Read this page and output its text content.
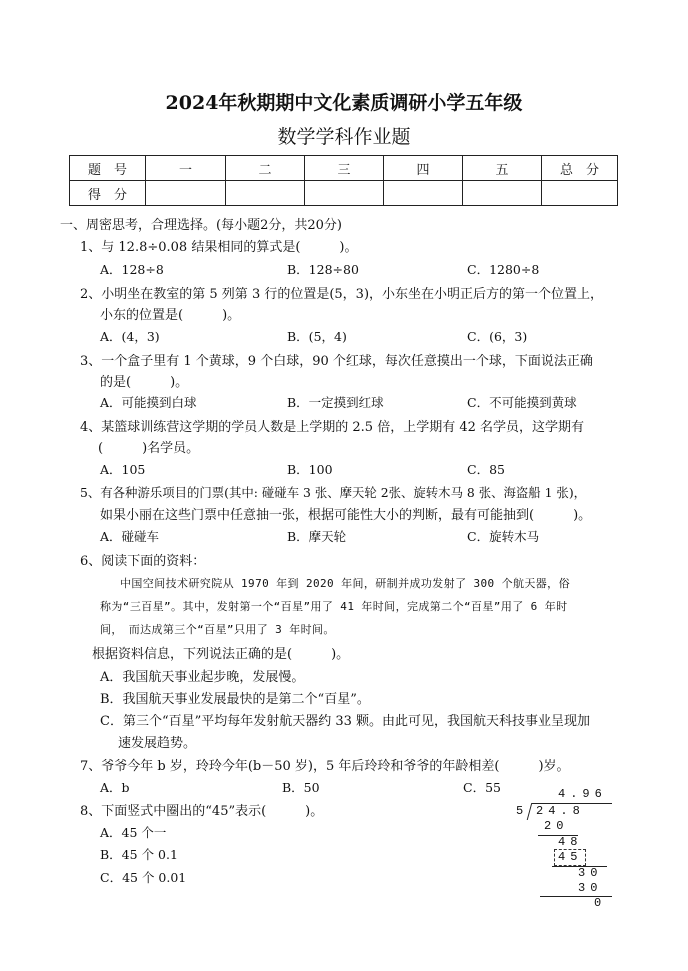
2024年秋期期中文化素质调研小学五年级
数学学科作业题
题　号	一	二	三	四	五	总　分
得　分						
一、周密思考，合理选择。(每小题2分，共20分)
1、与 12.8÷0.08 结果相同的算式是(　　　)。
A．128÷8	B．128÷80	C．1280÷8
2、小明坐在教室的第 5 列第 3 行的位置是(5，3)，小东坐在小明正后方的第一个位置上，
小东的位置是(　　　)。
A．(4，3)	B．(5，4)	C．(6，3)
3、一个盒子里有 1 个黄球，9 个白球，90 个红球，每次任意摸出一个球，下面说法正确
的是(　　　)。
A．可能摸到白球	B．一定摸到红球	C．不可能摸到黄球
4、某篮球训练营这学期的学员人数是上学期的 2.5 倍，上学期有 42 名学员，这学期有
(　　　)名学员。
A．105	B．100	C．85
5、有各种游乐项目的门票(其中: 碰碰车 3 张、摩天轮 2张、旋转木马 8 张、海盗船 1 张)，
如果小丽在这些门票中任意抽一张，根据可能性大小的判断，最有可能抽到(　　　)。
A．碰碰车	B．摩天轮	C．旋转木马
6、阅读下面的资料：
中国空间技术研究院从 1970 年到 2020 年间，研制并成功发射了 300 个航天器，俗
称为“三百星”。其中，发射第一个“百星”用了 41 年时间，完成第二个“百星”用了 6 年时
间，　而达成第三个“百星”只用了 3 年时间。
根据资料信息，下列说法正确的是(　　　)。
A．我国航天事业起步晚，发展慢。
B．我国航天事业发展最快的是第二个“百星”。
C．第三个“百星”平均每年发射航天器约 33 颗。由此可见，我国航天科技事业呈现加
速发展趋势。
7、爷爷今年 b 岁，玲玲今年(b－50 岁)，5 年后玲玲和爷爷的年龄相差(　　　)岁。
A．b	B．50	C．55
8、下面竖式中圈出的“45”表示(　　　)。
A．45 个一
B．45 个 0.1
C．45 个 0.01
4.96
5 24.8
20
48
45
30
30
0
